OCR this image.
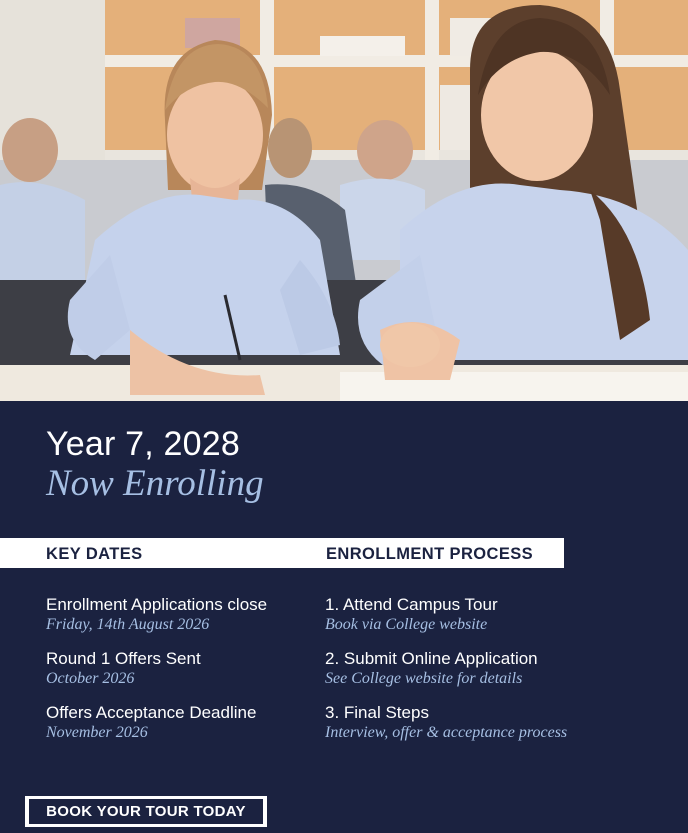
Year 7, 2028
Now Enrolling
KEY DATES	ENROLLMENT PROCESS
Enrollment Applications close
Friday, 14th August 2026
Round 1 Offers Sent
October 2026
Offers Acceptance Deadline
November 2026
1. Attend Campus Tour
Book via College website
2. Submit Online Application
See College website for details
3. Final Steps
Interview, offer & acceptance process
BOOK YOUR TOUR TODAY
